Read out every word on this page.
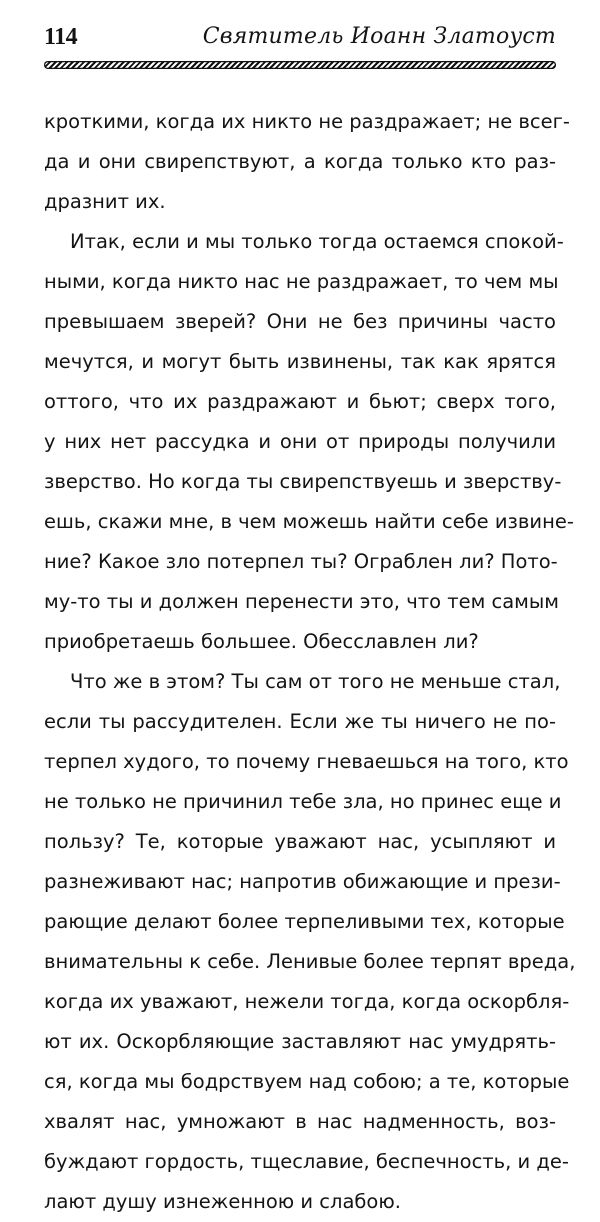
114	Святитель Иоанн Златоуст
кроткими, когда их никто не раздражает; не всег-
да и они свирепствуют, а когда только кто раз-
дразнит их.
Итак, если и мы только тогда остаемся спокой-
ными, когда никто нас не раздражает, то чем мы
превышаем зверей? Они не без причины часто
мечутся, и могут быть извинены, так как ярятся
оттого, что их раздражают и бьют; сверх того,
у них нет рассудка и они от природы получили
зверство. Но когда ты свирепствуешь и зверству-
ешь, скажи мне, в чем можешь найти себе извине-
ние? Какое зло потерпел ты? Ограблен ли? Пото-
му-то ты и должен перенести это, что тем самым
приобретаешь большее. Обесславлен ли?
Что же в этом? Ты сам от того не меньше стал,
если ты рассудителен. Если же ты ничего не по-
терпел худого, то почему гневаешься на того, кто
не только не причинил тебе зла, но принес еще и
пользу? Те, которые уважают нас, усыпляют и
разнеживают нас; напротив обижающие и прези-
рающие делают более терпеливыми тех, которые
внимательны к себе. Ленивые более терпят вреда,
когда их уважают, нежели тогда, когда оскорбля-
ют их. Оскорбляющие заставляют нас умудрять-
ся, когда мы бодрствуем над собою; а те, которые
хвалят нас, умножают в нас надменность, воз-
буждают гордость, тщеславие, беспечность, и де-
лают душу изнеженною и слабою.
